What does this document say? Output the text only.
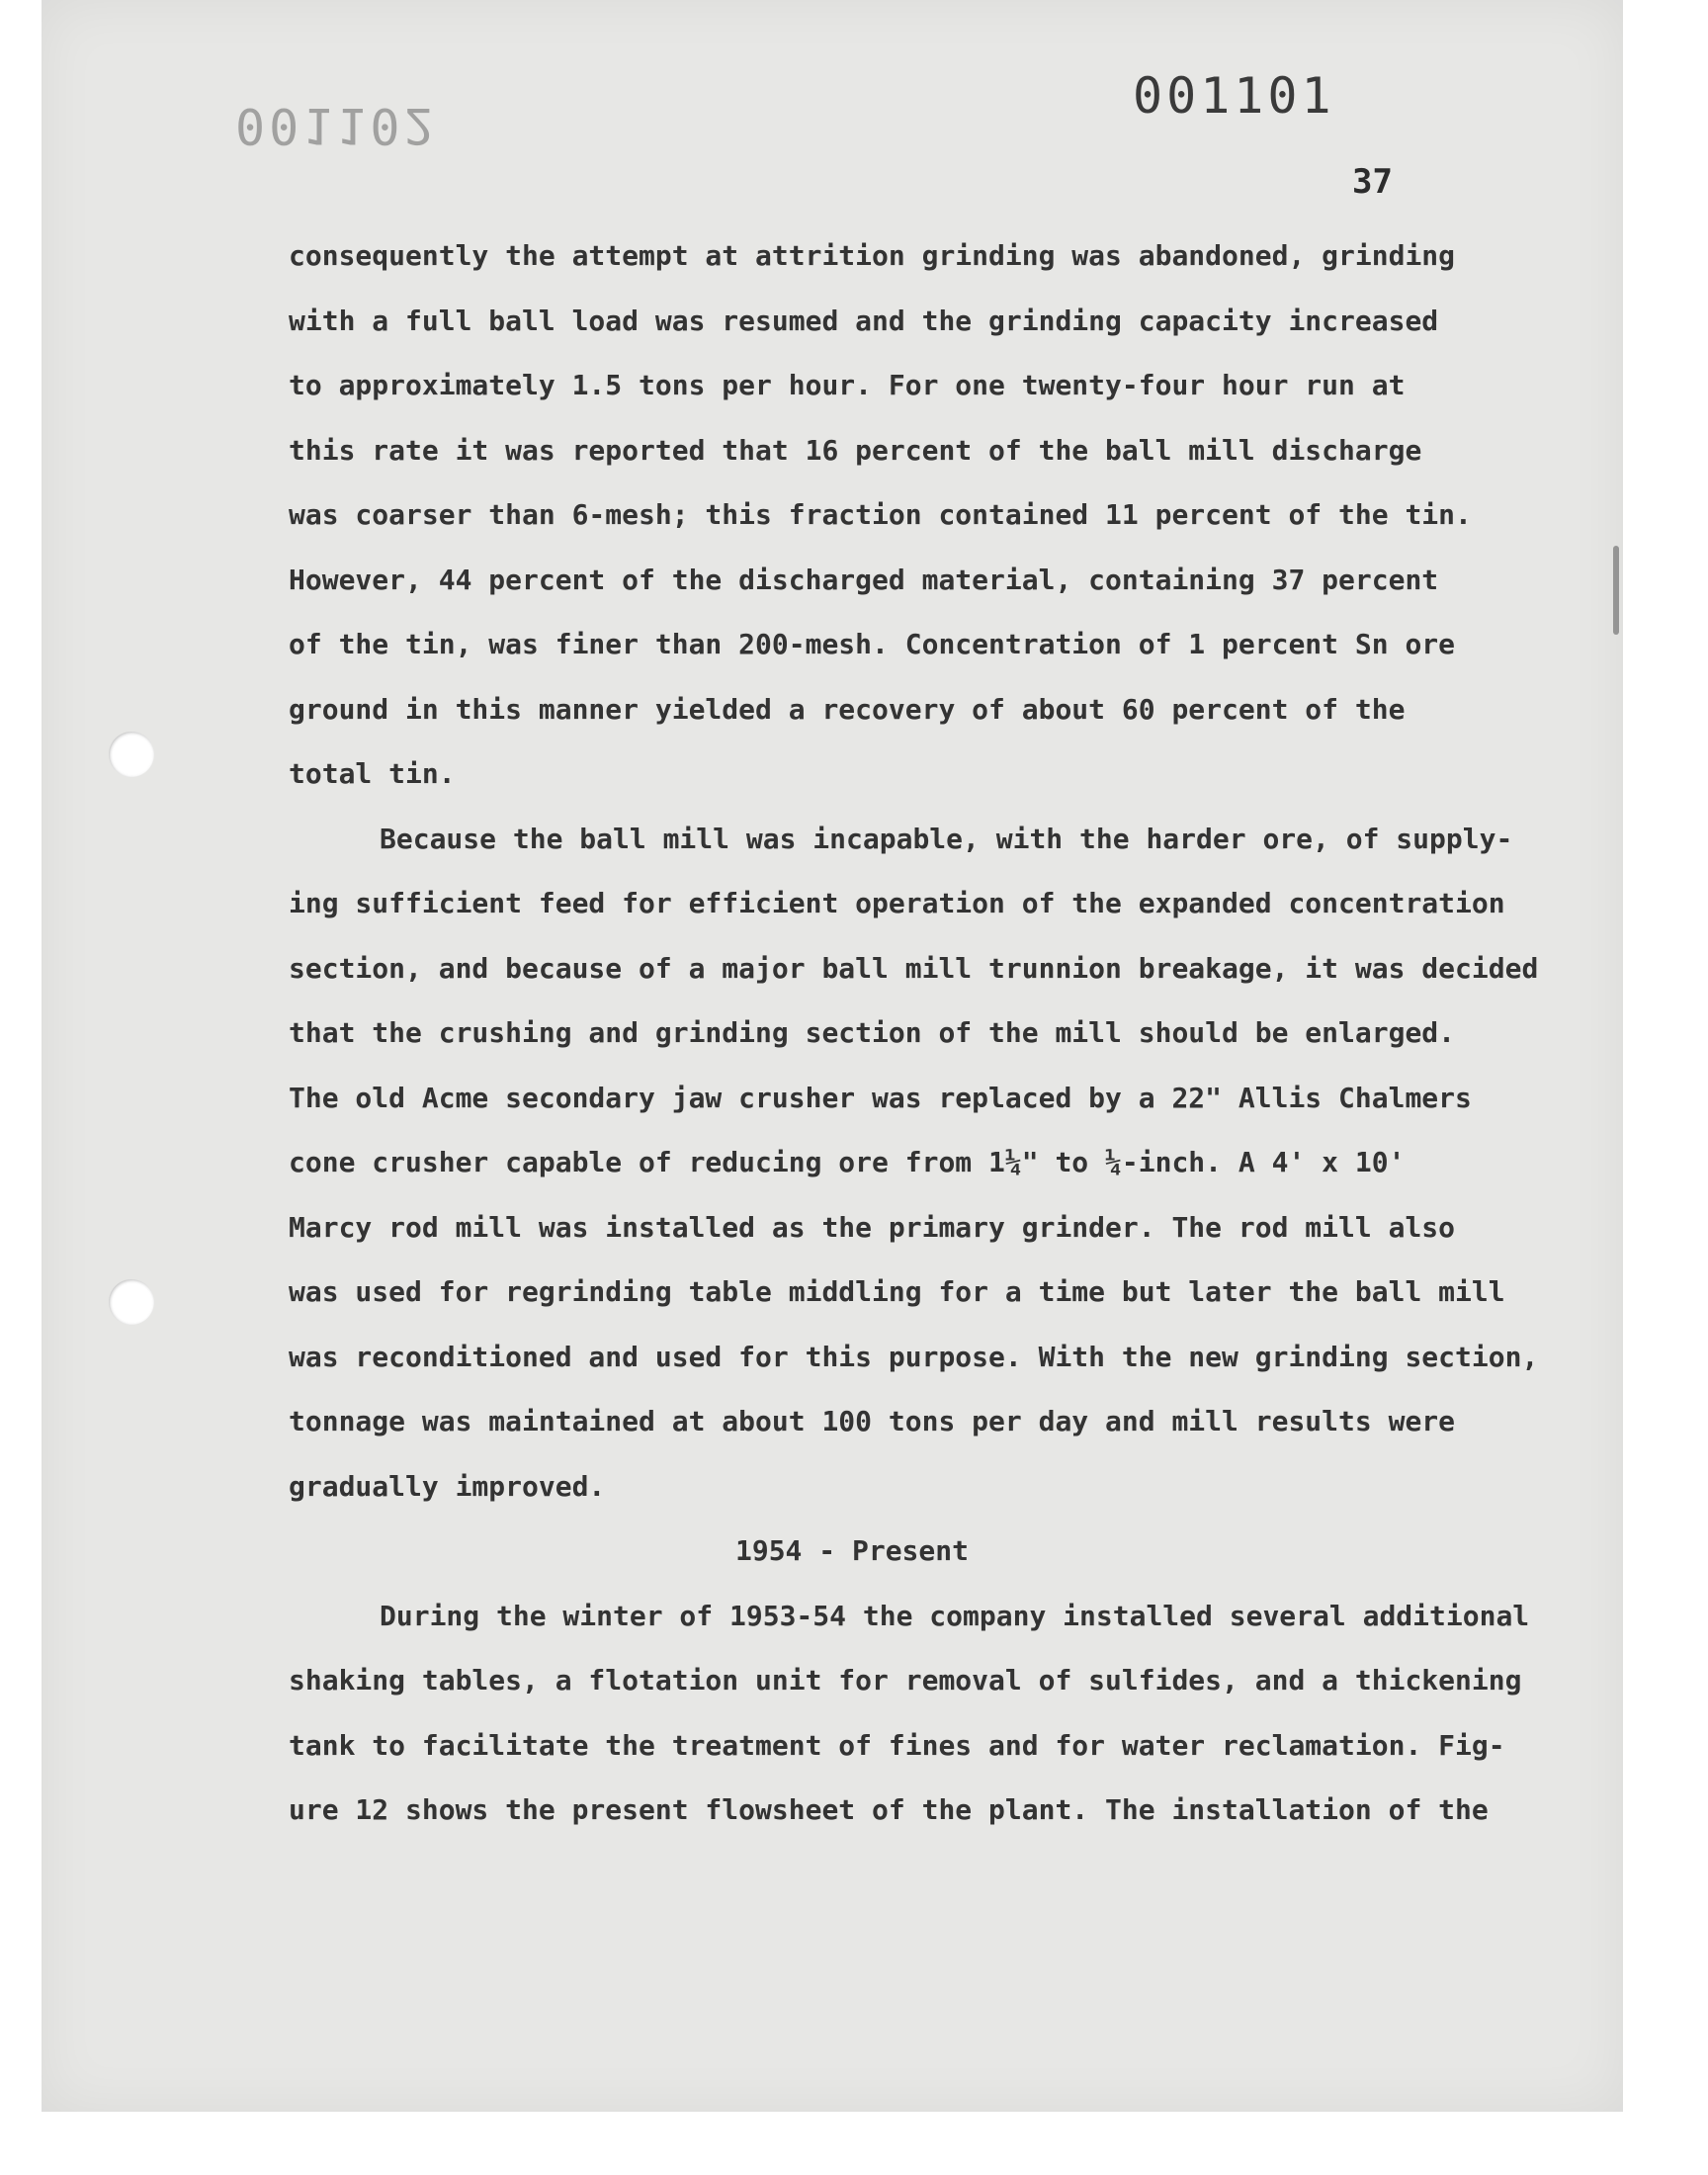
001102
001101
37
consequently the attempt at attrition grinding was abandoned, grinding
with a full ball load was resumed and the grinding capacity increased
to approximately 1.5 tons per hour. For one twenty-four hour run at
this rate it was reported that 16 percent of the ball mill discharge
was coarser than 6-mesh; this fraction contained 11 percent of the tin.
However, 44 percent of the discharged material, containing 37 percent
of the tin, was finer than 200-mesh. Concentration of 1 percent Sn ore
ground in this manner yielded a recovery of about 60 percent of the
total tin.
Because the ball mill was incapable, with the harder ore, of supply-
ing sufficient feed for efficient operation of the expanded concentration
section, and because of a major ball mill trunnion breakage, it was decided
that the crushing and grinding section of the mill should be enlarged.
The old Acme secondary jaw crusher was replaced by a 22" Allis Chalmers
cone crusher capable of reducing ore from 1¼" to ¼-inch. A 4' x 10'
Marcy rod mill was installed as the primary grinder. The rod mill also
was used for regrinding table middling for a time but later the ball mill
was reconditioned and used for this purpose. With the new grinding section,
tonnage was maintained at about 100 tons per day and mill results were
gradually improved.
1954 - Present
During the winter of 1953-54 the company installed several additional
shaking tables, a flotation unit for removal of sulfides, and a thickening
tank to facilitate the treatment of fines and for water reclamation. Fig-
ure 12 shows the present flowsheet of the plant. The installation of the
